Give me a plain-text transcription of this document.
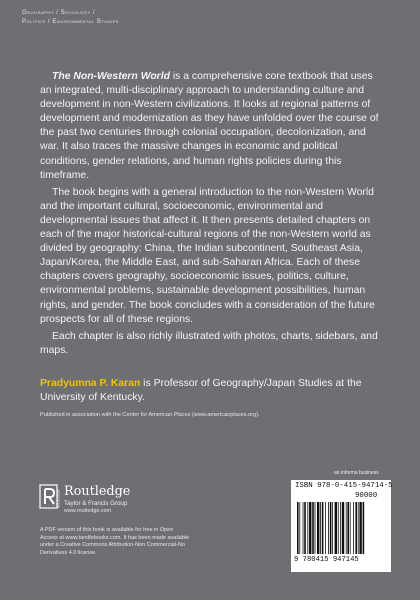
Geography / Sociology /
Politics / Environmental Studies

The Non-Western World is a comprehensive core textbook that uses an integrated, multi-disciplinary approach to understanding culture and development in non-Western civilizations. It looks at regional patterns of development and modernization as they have unfolded over the course of the past two centuries through colonial occupation, decolonization, and war. It also traces the massive changes in economic and political conditions, gender relations, and human rights policies during this timeframe.

The book begins with a general introduction to the non-Western World and the important cultural, socioeconomic, environmental and developmental issues that affect it. It then presents detailed chapters on each of the major historical-cultural regions of the non-Western world as divided by geography: China, the Indian subcontinent, Southeast Asia, Japan/Korea, the Middle East, and sub-Saharan Africa. Each of these chapters covers geography, socioeconomic issues, politics, culture, environmental problems, sustainable development possibilities, human rights, and gender. The book concludes with a consideration of the future prospects for all of these regions.

Each chapter is also richly illustrated with photos, charts, sidebars, and maps.

Pradyumna P. Karan is Professor of Geography/Japan Studies at the University of Kentucky.

Published in association with the Center for American Places (www.americanplaces.org).
ROUTLEDGE Routledge
Taylor & Francis Group
www.routledge.com
A PDF version of this book is available for free in Open Access at www.tandfebooks.com. It has been made available under a Creative Commons Attribution-Non Commercial-No Derivatives 4.0 license.
an informa business
ISBN 978-0-415-94714-5
90000
9 780415 947145
